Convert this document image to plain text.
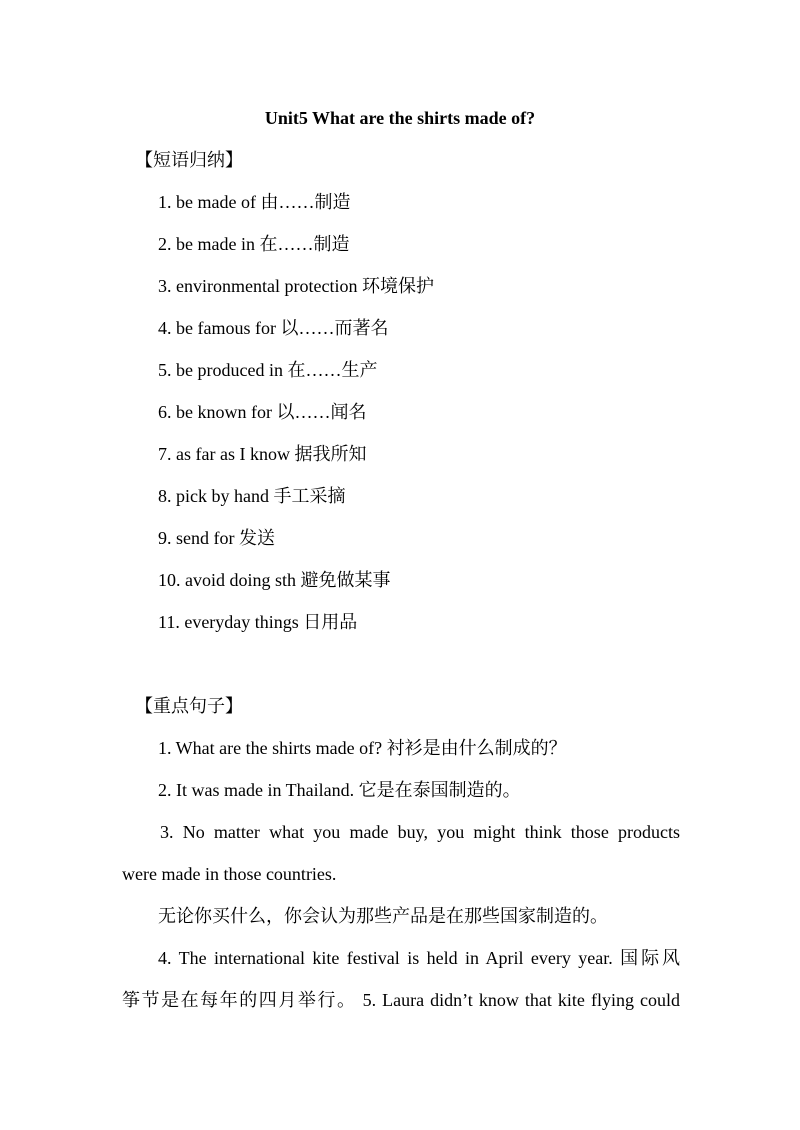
Unit5 What are the shirts made of?
【短语归纳】
1. be made of 由……制造
2. be made in 在……制造
3. environmental protection 环境保护
4. be famous for 以……而著名
5. be produced in 在……生产
6. be known for 以……闻名
7. as far as I know 据我所知
8. pick by hand 手工采摘
9. send for 发送
10. avoid doing sth 避免做某事
11. everyday things 日用品
【重点句子】
1. What are the shirts made of? 衬衫是由什么制成的？
2. It was made in Thailand. 它是在泰国制造的。
3. No matter what you made buy, you might think those products
were made in those countries.
无论你买什么，你会认为那些产品是在那些国家制造的。
4. The international kite festival is held in April every year. 国际风
筝节是在每年的四月举行。 5. Laura didn’t know that kite flying could
